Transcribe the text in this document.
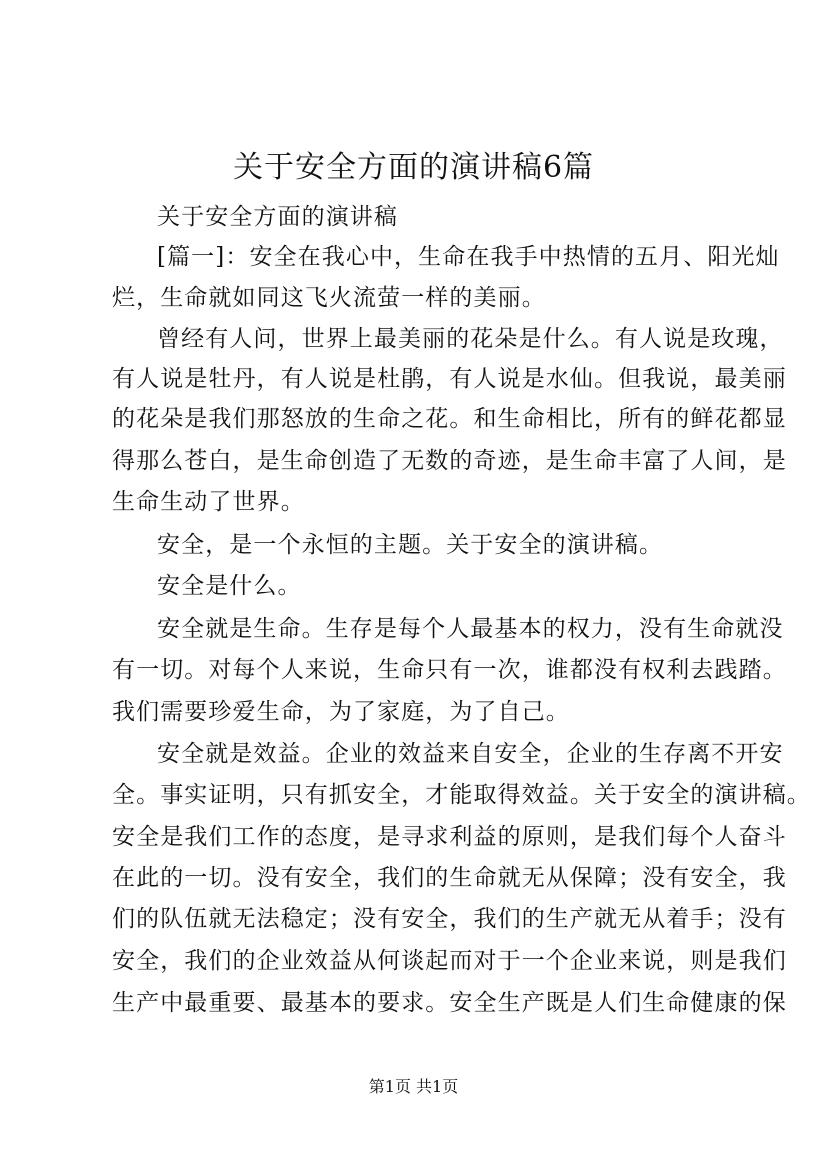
关于安全方面的演讲稿6篇
关于安全方面的演讲稿
[篇一]：安全在我心中，生命在我手中热情的五月、阳光灿
烂，生命就如同这飞火流萤一样的美丽。
曾经有人问，世界上最美丽的花朵是什么。有人说是玫瑰，
有人说是牡丹，有人说是杜鹃，有人说是水仙。但我说，最美丽
的花朵是我们那怒放的生命之花。和生命相比，所有的鲜花都显
得那么苍白，是生命创造了无数的奇迹，是生命丰富了人间，是
生命生动了世界。
安全，是一个永恒的主题。关于安全的演讲稿。
安全是什么。
安全就是生命。生存是每个人最基本的权力，没有生命就没
有一切。对每个人来说，生命只有一次，谁都没有权利去践踏。
我们需要珍爱生命，为了家庭，为了自己。
安全就是效益。企业的效益来自安全，企业的生存离不开安
全。事实证明，只有抓安全，才能取得效益。关于安全的演讲稿。
安全是我们工作的态度，是寻求利益的原则，是我们每个人奋斗
在此的一切。没有安全，我们的生命就无从保障；没有安全，我
们的队伍就无法稳定；没有安全，我们的生产就无从着手；没有
安全，我们的企业效益从何谈起而对于一个企业来说，则是我们
生产中最重要、最基本的要求。安全生产既是人们生命健康的保
第1页 共1页
